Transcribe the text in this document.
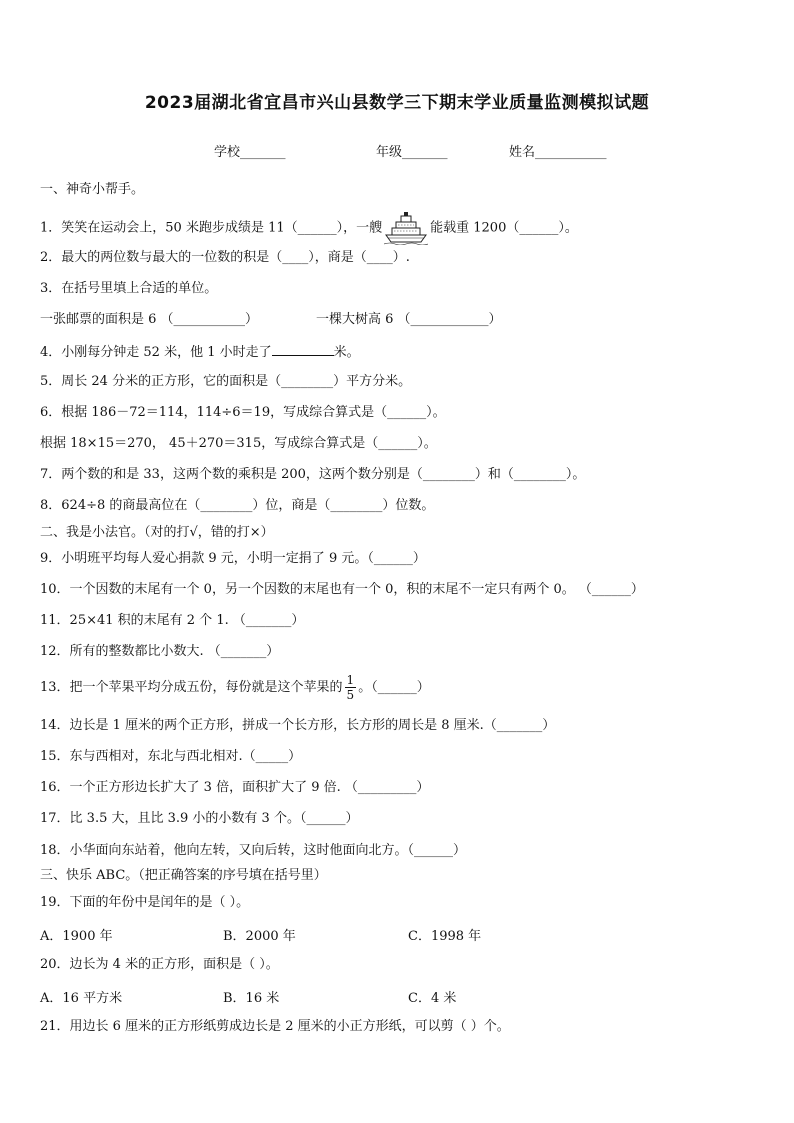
2023届湖北省宜昌市兴山县数学三下期末学业质量监测模拟试题
学校_______	年级_______	姓名___________
一、神奇小帮手。
1．笑笑在运动会上，50 米跑步成绩是 11（______），一艘	能载重 1200（______）。
2．最大的两位数与最大的一位数的积是（____），商是（____）.
3．在括号里填上合适的单位。
一张邮票的面积是 6 （___________）	一棵大树高 6 （____________）
4．小刚每分钟走 52 米，他 1 小时走了	米。
5．周长 24 分米的正方形，它的面积是（________）平方分米。
6．根据 186－72＝114，114÷6＝19，写成综合算式是（______）。
根据 18×15＝270， 45＋270＝315，写成综合算式是（______）。
7．两个数的和是 33，这两个数的乘积是 200，这两个数分别是（________）和（________）。
8．624÷8 的商最高位在（________）位，商是（________）位数。
二、我是小法官。（对的打√，错的打×）
9．小明班平均每人爱心捐款 9 元，小明一定捐了 9 元。（______）
10．一个因数的末尾有一个 0，另一个因数的末尾也有一个 0，积的末尾不一定只有两个 0。 （______）
11．25×41 积的末尾有 2 个 1. （_______）
12．所有的整数都比小数大. （_______）
13．把一个苹果平均分成五份，每份就是这个苹果的 $\frac{1}{5}$ 。（______）
14．边长是 1 厘米的两个正方形，拼成一个长方形，长方形的周长是 8 厘米.（_______）
15．东与西相对，东北与西北相对.（_____）
16．一个正方形边长扩大了 3 倍，面积扩大了 9 倍. （_________）
17．比 3.5 大，且比 3.9 小的小数有 3 个。（______）
18．小华面向东站着，他向左转，又向后转，这时他面向北方。（______）
三、快乐 ABC。（把正确答案的序号填在括号里）
19．下面的年份中是闰年的是（ ）。
A．1900 年	B．2000 年	C．1998 年
20．边长为 4 米的正方形，面积是（ ）。
A．16 平方米	B．16 米	C．4 米
21．用边长 6 厘米的正方形纸剪成边长是 2 厘米的小正方形纸，可以剪（ ）个。
